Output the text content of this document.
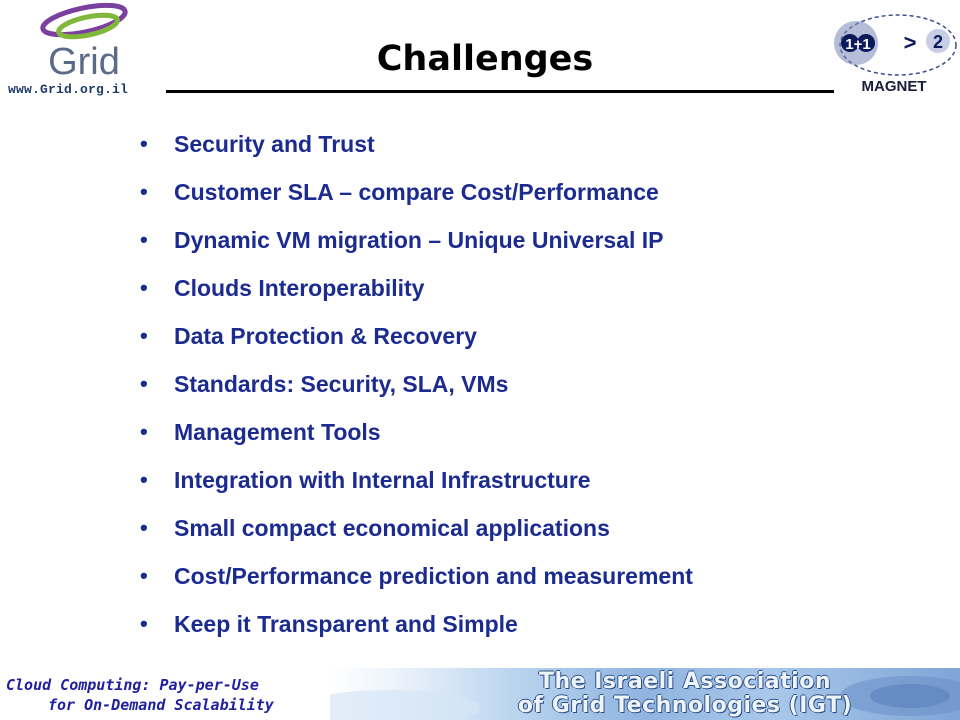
Grid
www.Grid.org.il
Challenges	1+1 > 2
MAGNET
•	Security and Trust
•	Customer SLA – compare Cost/Performance
•	Dynamic VM migration – Unique Universal IP
•	Clouds Interoperability
•	Data Protection & Recovery
•	Standards: Security, SLA, VMs
•	Management Tools
•	Integration with Internal Infrastructure
•	Small compact economical applications
•	Cost/Performance prediction and measurement
•	Keep it Transparent and Simple
Cloud Computing: Pay-per-Use
for On-Demand Scalability
The Israeli Association
of Grid Technologies (IGT)
